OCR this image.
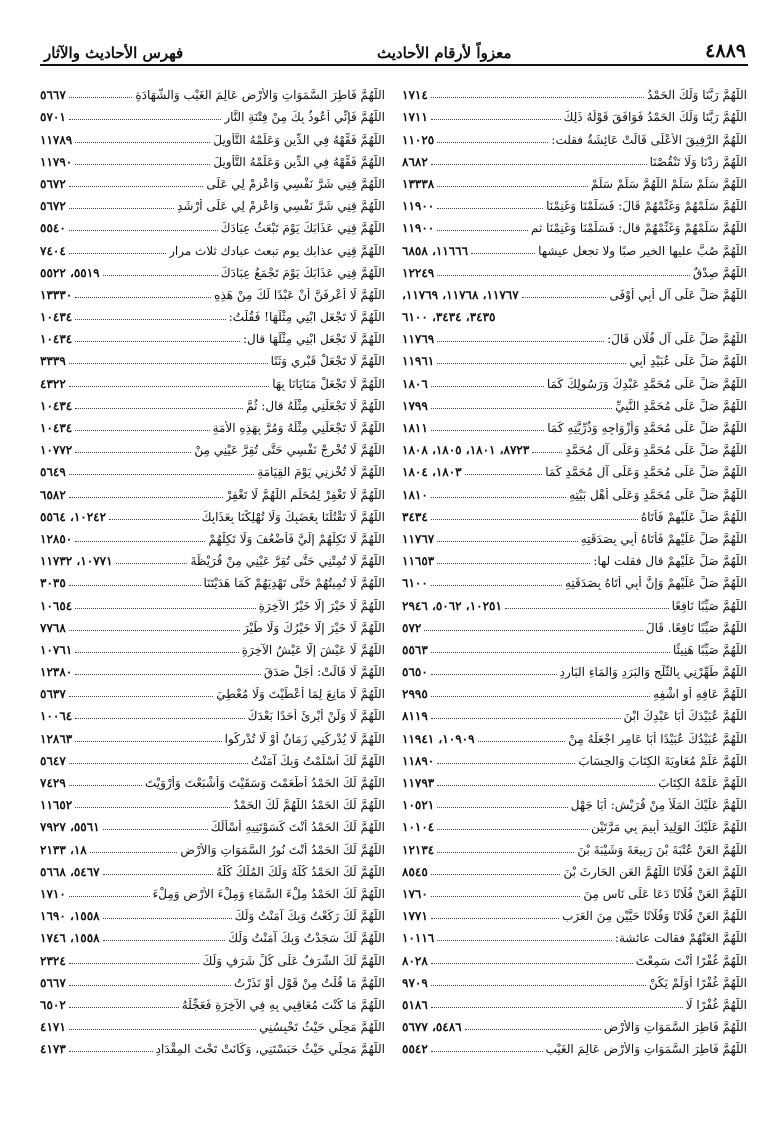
فهرس الأحاديث والآثار	معزواً لأرقام الأحاديث	٤٨٨٩
اللَّهُمَّ رَبَّنَا وَلَكَ الحَمْدُ
١٧١٤
اللَّهُمَّ رَبَّنَا وَلَكَ الحَمْدُ فَوَافَقَ قَوْلُهُ ذَلِكَ
١٧١١
اللَّهُمَّ الرَّفِيقَ الأَعْلَى قَالَتْ عَائِشَةُ فقلت:
١١٠٢٥
اللَّهُمَّ زِدْنَا وَلَا تَنْقُصْنَا
٨٦٨٢
اللَّهُمَّ سَلِّمْ سَلِّمْ اللَّهُمَّ سَلِّمْ سَلِّمْ
١٣٣٣٨
اللَّهُمَّ سَلِّمْهُمْ وَغَنِّمْهُمْ قَالَ: فَسَلَّمْنَا وَغَنِمْنَا
١١٩٠٠
اللَّهُمَّ سَلِّمْهُمْ وَغَنِّمْهُمْ قال: فَسَلَّمْنَا وَغَنِمْنَا ثم
١١٩٠٠
اللَّهُمَّ صُبَّ عليها الخير صبًا ولا تجعل عيشها
١١٦٦٦، ٦٨٥٨
اللَّهُمَّ صِدْقٌ
١٢٢٤٩
اللَّهُمَّ صَلِّ عَلَى آلِ أَبِي أَوْفَى
١١٧٦٧، ١١٧٦٨، ١١٧٦٩،
٣٤٣٥، ٣٤٣٤، ٦١٠٠
اللَّهُمَّ صَلِّ عَلَى آلِ فُلَانٍ قَالَ:
١١٧٦٩
اللَّهُمَّ صَلِّ عَلَى عُبَيْدٍ أَبِي
١١٩٦١
اللَّهُمَّ صَلِّ عَلَى مُحَمَّدٍ عَبْدِكَ وَرَسُولِكَ كَمَا
١٨٠٦
اللَّهُمَّ صَلِّ عَلَى مُحَمَّدٍ النَّبِيِّ
١٧٩٩
اللَّهُمَّ صَلِّ عَلَى مُحَمَّدٍ وَأَزْوَاجِهِ وَذُرِّيَّتِهِ كَمَا
١٨١١
اللَّهُمَّ صَلِّ عَلَى مُحَمَّدٍ وَعَلَى آلِ مُحَمَّدٍ
٨٧٢٣، ١٨٠١، ١٨٠٥، ١٨٠٨
اللَّهُمَّ صَلِّ عَلَى مُحَمَّدٍ وَعَلَى آلِ مُحَمَّدٍ كَمَا
١٨٠٣، ١٨٠٤
اللَّهُمَّ صَلِّ عَلَى مُحَمَّدٍ وَعَلَى أَهْلِ بَيْتِهِ
١٨١٠
اللَّهُمَّ صَلِّ عَلَيْهِمْ فَأَتَاهُ
٣٤٣٤
اللَّهُمَّ صَلِّ عَلَيْهِمْ فَأَتَاهُ أَبِي بِصَدَقَتِهِ
١١٧٦٧
اللَّهُمَّ صَلِّ عَلَيْهِمْ قال فقلت لها:
١١٦٥٣
اللَّهُمَّ صَلِّ عَلَيْهِمْ وَإِنَّ أَبِي أَتَاهُ بِصَدَقَتِهِ
٦١٠٠
اللَّهُمَّ صَيِّبًا نَافِعًا
١٠٢٥١، ٥٠٦٢، ٢٩٤٦
اللَّهُمَّ صَيِّبًا نَافِعًا. قَالَ
٥٧٢
اللَّهُمَّ صَيِّبًا هَنِيئًا
٥٥٦٣
اللَّهُمَّ طَهِّرْنِي بِالثَّلْجِ وَالبَرَدِ وَالمَاءِ البَارِدِ
٥٦٥٠
اللَّهُمَّ عَافِهِ أَوِ اشْفِهِ
٢٩٩٥
اللَّهُمَّ عُبَيْدَكَ أَبَا عَبْدِكَ ابْنَ
٨١١٩
اللَّهُمَّ عُبَيْدُكَ عُبَيْدًا أَبَا عَامِرٍ اجْعَلْهُ مِنْ
١٠٩٠٩، ١١٩٤١
اللَّهُمَّ عَلِّمْ مُعَاوِيَةَ الكِتَابَ وَالحِسَابَ
١١٨٩٠
اللَّهُمَّ عَلِّمْهُ الكِتَابَ
١١٧٩٣
اللَّهُمَّ عَلَيْكَ المَلَأَ مِنْ قُرَيْشٍ: أَبَا جَهْلٍ
١٠٥٢١
اللَّهُمَّ عَلَيْكَ الوَلِيدَ أَبِيمَ بِي مَرَّتَيْنِ
١٠١٠٤
اللَّهُمَّ العَنْ عُتْبَةَ بْنَ رَبِيعَةَ وَشَيْبَةَ بْنَ
١٢١٣٤
اللَّهُمَّ العَنْ فُلَانًا اللَّهُمَّ العَنِ الحَارِثَ بْنَ
٨٥٤٥
اللَّهُمَّ العَنْ فُلَانًا دَعَا عَلَى نَاسٍ مِنَ
١٧٦٠
اللَّهُمَّ العَنْ فُلَانًا وَفُلَانًا حَيَّيْنِ مِنَ العَرَبِ
١٧٧١
اللَّهُمَّ العَنْهُمْ فقالت عائشة:
١٠١١٦
اللَّهُمَّ غُفْرًا أَنْتَ سَمِعْتَ
٨٠٢٨
اللَّهُمَّ غُفْرًا أَوَلَمْ يَكُنْ
٩٧٠٩
اللَّهُمَّ غُفْرًا لَا
٥١٨٦
اللَّهُمَّ فَاطِرَ السَّمَوَاتِ وَالأَرْضِ
٥٤٨٦، ٥٦٧٧
اللَّهُمَّ فَاطِرَ السَّمَوَاتِ وَالأَرْضِ عَالِمَ الغَيْبِ
٥٥٤٢
اللَّهُمَّ فَاطِرَ السَّمَوَاتِ وَالأَرْضِ عَالِمَ الغَيْبِ وَالشَّهَادَةِ
٥٦٦٧
اللَّهُمَّ فَإِنِّي أَعُوذُ بِكَ مِنْ فِتْنَةِ النَّارِ
٥٧٠١
اللَّهُمَّ فَقِّهْهُ فِي الدِّينِ وَعَلِّمْهُ التَّأْوِيلَ
١١٧٨٩
اللَّهُمَّ فَقِّهْهُ فِي الدِّينِ وَعَلِّمْهُ التَّأْوِيلَ
١١٧٩٠
اللَّهُمَّ قِنِي شَرَّ نَفْسِي وَاعْزِمْ لِي عَلَى
٥٦٧٢
اللَّهُمَّ قِنِي شَرَّ نَفْسِي وَاعْزِمْ لِي عَلَى أَرْشَدِ
٥٦٧٢
اللَّهُمَّ قِنِي عَذَابَكَ يَوْمَ تَبْعَثُ عِبَادَكَ
٥٥٤٠
اللَّهُمَّ قِنِي عذابك يوم تبعث عبادك ثلاث مرار
٧٤٠٤
اللَّهُمَّ قِنِي عَذَابَكَ يَوْمَ تَجْمَعُ عِبَادَكَ
٥٥١٩، ٥٥٢٢
اللَّهُمَّ لَا أَعْرِفَنَّ أَنْ عَبْدًا لَكَ مِنْ هَذِهِ
١٣٣٣٠
اللَّهُمَّ لَا تَجْعَلِ ابْنِي مِثْلَهَا! فَقُلْتُ:
١٠٤٣٤
اللَّهُمَّ لَا تَجْعَلِ ابْنِي مِثْلَهَا قال:
١٠٤٣٤
اللَّهُمَّ لَا تَجْعَلْ قَبْرِي وَثَنًا
٣٣٣٩
اللَّهُمَّ لَا تَجْعَلْ مَنَايَانَا بِهَا
٤٣٢٢
اللَّهُمَّ لَا تَجْعَلْنِي مِثْلَهُ قال: ثُمَّ
١٠٤٣٤
اللَّهُمَّ لَا تَجْعَلْنِي مِثْلَهُ وَمُرَّ بِهَذِهِ الأَمَةِ
١٠٤٣٤
اللَّهُمَّ لَا تُخْرِجْ نَفْسِي حَتَّى تُقِرَّ عَيْنِي مِنْ
١٠٧٧٢
اللَّهُمَّ لَا تُخْزِنِي يَوْمَ القِيَامَةِ
٥٦٤٩
اللَّهُمَّ لَا تَغْفِرْ لِمُحَلِّمٍ اللَّهُمَّ لَا تَغْفِرْ
٦٥٨٢
اللَّهُمَّ لَا تَقْتُلْنَا بِغَضَبِكَ وَلَا تُهْلِكْنَا بِعَذَابِكَ
١٠٢٤٢، ٥٥٦٤
اللَّهُمَّ لَا تَكِلْهُمْ إِلَيَّ فَأَضْعُفَ وَلَا تَكِلْهُمْ
١٢٨٥٠
اللَّهُمَّ لَا تُمِتْنِي حَتَّى تُقِرَّ عَيْنِي مِنْ قُرَيْظَةَ
١٠٧٧١، ١١٧٣٢
اللَّهُمَّ لَا تُمِيتُهُمْ حَتَّى تَهْدِيَهُمْ كَمَا هَدَيْتَنَا
٣٠٣٥
اللَّهُمَّ لَا خَيْرَ إِلَّا خَيْرُ الآخِرَةِ
١٠٦٥٤
اللَّهُمَّ لَا خَيْرَ إِلَّا خَيْرُكَ وَلَا طَيْرَ
٧٧٦٨
اللَّهُمَّ لَا عَيْشَ إِلَّا عَيْشُ الآخِرَةِ
١٠٧٦١
اللَّهُمَّ لَا قَالَتْ: أَجَلْ صَدَقَ
١٢٣٨٠
اللَّهُمَّ لَا مَانِعَ لِمَا أَعْطَيْتَ وَلَا مُعْطِيَ
٥٦٣٧
اللَّهُمَّ لَا وَلَنْ أُبْرِئَ أَحَدًا بَعْدَكَ
١٠٠٦٤
اللَّهُمَّ لَا يُدْرِكُنِي زَمَانٌ أَوْ لَا تُدْرِكُوا
١٢٨٦٣
اللَّهُمَّ لَكَ أَسْلَمْتُ وَبِكَ آمَنْتُ
٥٦٤٧
اللَّهُمَّ لَكَ الحَمْدُ أَطْعَمْتَ وَسَقَيْتَ وَأَشْبَعْتَ وَأَرْوَيْتَ
٧٤٢٩
اللَّهُمَّ لَكَ الحَمْدُ اللَّهُمَّ لَكَ الحَمْدُ
١١٦٥٢
اللَّهُمَّ لَكَ الحَمْدُ أَنْتَ كَسَوْتَنِيهِ أَسْأَلُكَ
٥٥٦١، ٧٩٢٧
اللَّهُمَّ لَكَ الحَمْدُ أَنْتَ نُورُ السَّمَوَاتِ وَالأَرْضِ
١٨، ٢١٣٣
اللَّهُمَّ لَكَ الحَمْدُ كُلُّهُ وَلَكَ المُلْكُ كُلُّهُ
٥٤٦٧، ٥٦٦٨
اللَّهُمَّ لَكَ الحَمْدُ مِلْءَ السَّمَاءِ وَمِلْءَ الأَرْضِ وَمِلْءَ
١٧١٠
اللَّهُمَّ لَكَ رَكَعْتُ وَبِكَ آمَنْتُ وَلَكَ
١٥٥٨، ١٦٩٠
اللَّهُمَّ لَكَ سَجَدْتُ وَبِكَ آمَنْتُ وَلَكَ
١٥٥٨، ١٧٤٦
اللَّهُمَّ لَكَ الشَّرَفُ عَلَى كُلِّ شَرَفٍ وَلَكَ
٢٣٢٤
اللَّهُمَّ مَا قُلْتُ مِنْ قَوْلٍ أَوْ نَذَرْتُ
٥٦٦٧
اللَّهُمَّ مَا كُنْتَ مُعَاقِبِي بِهِ فِي الآخِرَةِ فَعَجِّلْهُ
٦٥٠٢
اللَّهُمَّ مَحِلِّي حَيْثُ تَحْبِسُنِي
٤١٧١
اللَّهُمَّ مَحِلِّي حَيْثُ حَبَسْتَنِي، وَكَانَتْ تَحْتَ المِقْدَادِ
٤١٧٣
